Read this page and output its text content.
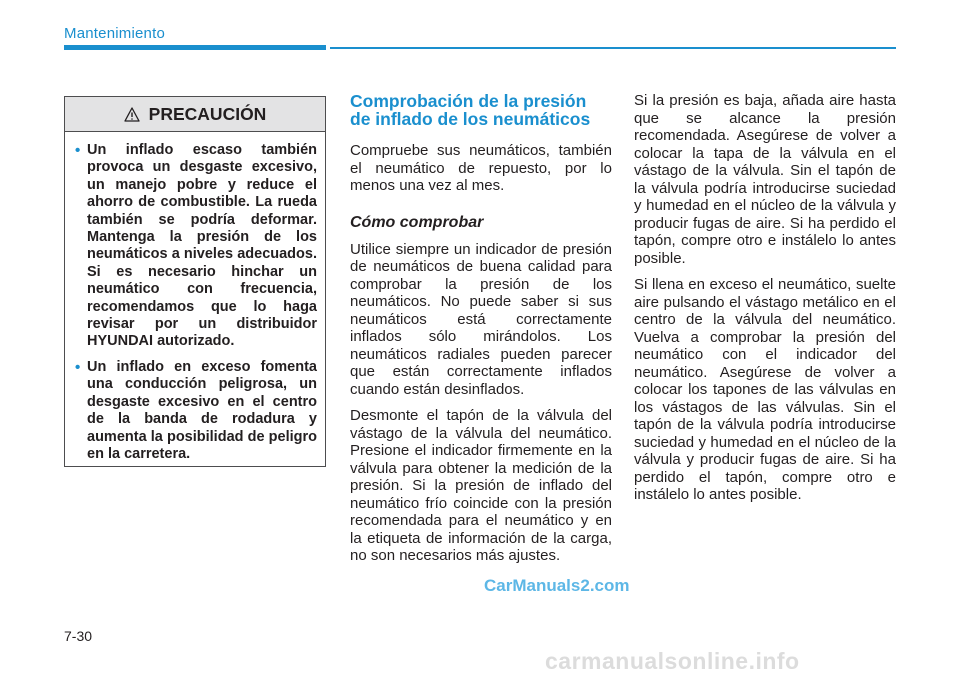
Mantenimiento
PRECAUCIÓN
• Un inflado escaso también provoca un desgaste excesivo, un manejo pobre y reduce el ahorro de combustible. La rueda también se podría deformar. Mantenga la presión de los neumáticos a niveles adecuados. Si es necesario hinchar un neumático con frecuencia, recomendamos que lo haga revisar por un distribuidor HYUNDAI autorizado.
• Un inflado en exceso fomenta una conducción peligrosa, un desgaste excesivo en el centro de la banda de rodadura y aumenta la posibilidad de peligro en la carretera.
Comprobación de la presión
de inflado de los neumáticos

Compruebe sus neumáticos, también el neumático de repuesto, por lo menos una vez al mes.

Cómo comprobar

Utilice siempre un indicador de presión de neumáticos de buena calidad para comprobar la presión de los neumáticos. No puede saber si sus neumáticos está correctamente inflados sólo mirándolos. Los neumáticos radiales pueden parecer que están correctamente inflados cuando están desinflados.

Desmonte el tapón de la válvula del vástago de la válvula del neumático. Presione el indicador firmemente en la válvula para obtener la medición de la presión. Si la presión de inflado del neumático frío coincide con la presión recomendada para el neumático y en la etiqueta de información de la carga, no son necesarios más ajustes.

Si la presión es baja, añada aire hasta que se alcance la presión recomendada. Asegúrese de volver a colocar la tapa de la válvula en el vástago de la válvula. Sin el tapón de la válvula podría introducirse suciedad y humedad en el núcleo de la válvula y producir fugas de aire. Si ha perdido el tapón, compre otro e instálelo lo antes posible.

Si llena en exceso el neumático, suelte aire pulsando el vástago metálico en el centro de la válvula del neumático. Vuelva a comprobar la presión del neumático con el indicador del neumático. Asegúrese de volver a colocar los tapones de las válvulas en los vástagos de las válvulas. Sin el tapón de la válvula podría introducirse suciedad y humedad en el núcleo de la válvula y producir fugas de aire. Si ha perdido el tapón, compre otro e instálelo lo antes posible.

CarManuals2.com
7-30
carmanualsonline.info
